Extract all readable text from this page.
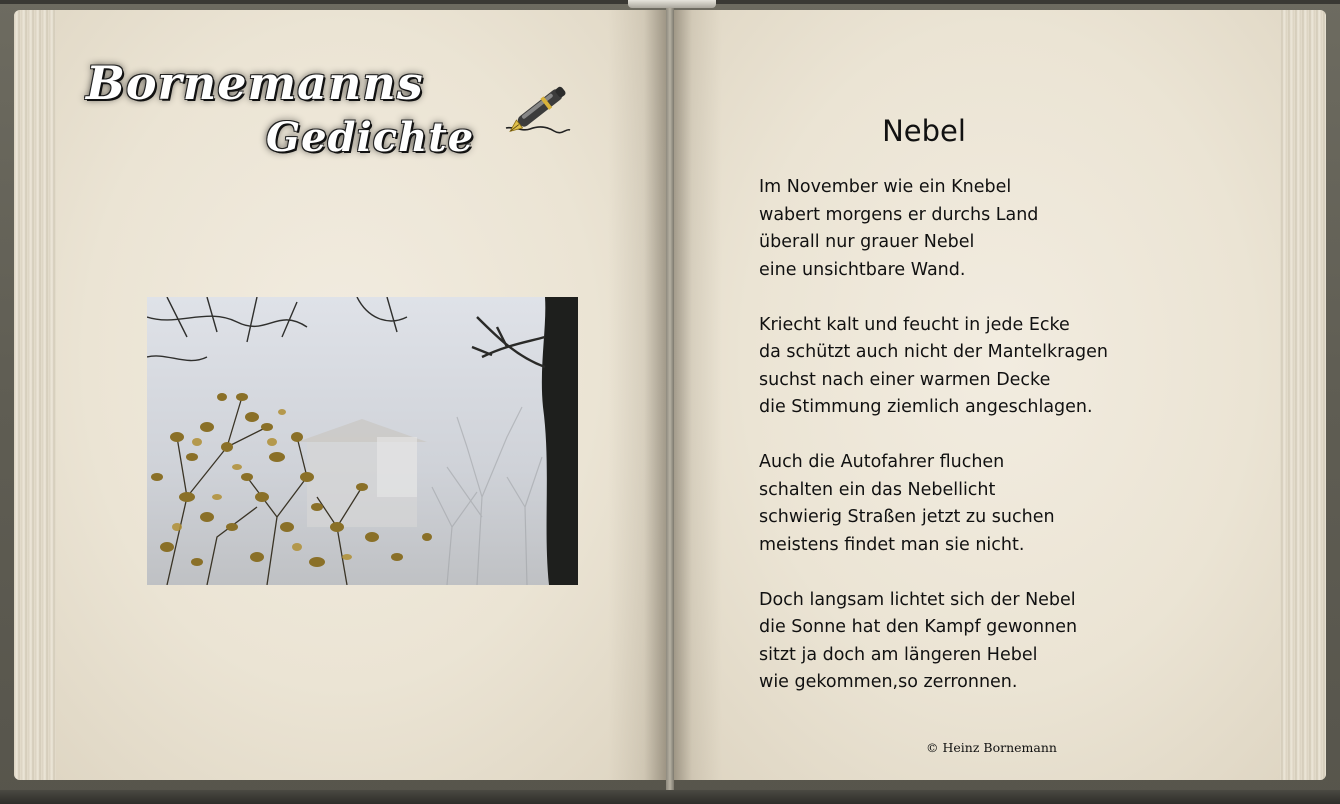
Bornemanns
Gedichte	Nebel
Im November wie ein Knebel
wabert morgens er durchs Land
überall nur grauer Nebel
eine unsichtbare Wand.
Kriecht kalt und feucht in jede Ecke
da schützt auch nicht der Mantelkragen
suchst nach einer warmen Decke
die Stimmung ziemlich angeschlagen.
Auch die Autofahrer fluchen
schalten ein das Nebellicht
schwierig Straßen jetzt zu suchen
meistens findet man sie nicht.
Doch langsam lichtet sich der Nebel
die Sonne hat den Kampf gewonnen
sitzt ja doch am längeren Hebel
wie gekommen,so zerronnen.
© Heinz Bornemann
